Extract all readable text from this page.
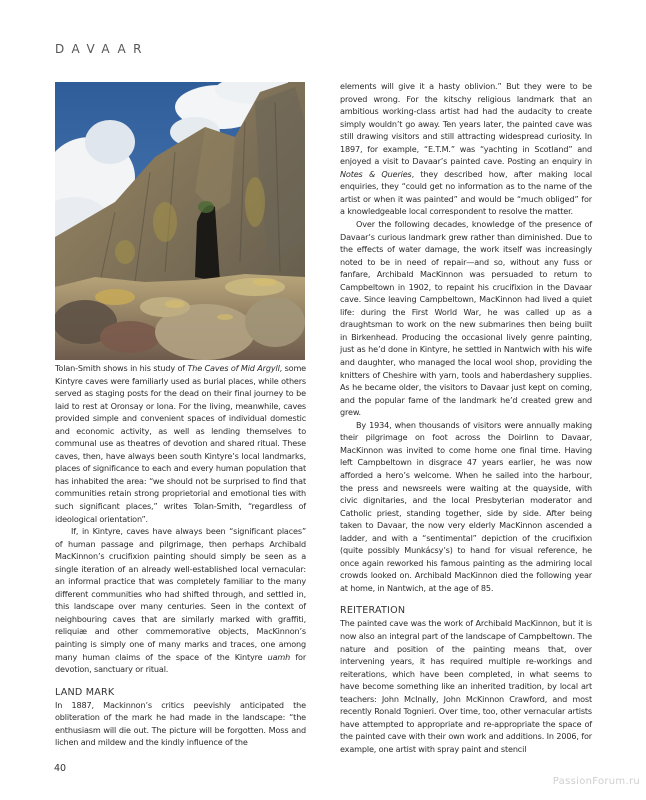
DAVAAR

Tolan-Smith shows in his study of The Caves of Mid Argyll, some Kintyre caves were familiarly used as burial places, while others served as staging posts for the dead on their final journey to be laid to rest at Oronsay or Iona. For the living, meanwhile, caves provided simple and convenient spaces of individual domestic and economic activity, as well as lending themselves to communal use as theatres of devotion and shared ritual. These caves, then, have always been south Kintyre’s local landmarks, places of significance to each and every human population that has inhabited the area: “we should not be surprised to find that communities retain strong proprietorial and emotional ties with such significant places,” writes Tolan-Smith, “regardless of ideological orientation”.

If, in Kintyre, caves have always been “significant places” of human passage and pilgrimage, then perhaps Archibald MacKinnon’s crucifixion painting should simply be seen as a single iteration of an already well-established local vernacular: an informal practice that was completely familiar to the many different communities who had shifted through, and settled in, this landscape over many centuries. Seen in the context of neighbouring caves that are similarly marked with graffiti, reliquiæ and other commemorative objects, MacKinnon’s painting is simply one of many marks and traces, one among many human claims of the space of the Kintyre uamh for devotion, sanctuary or ritual.

LAND MARK

In 1887, Mackinnon’s critics peevishly anticipated the obliteration of the mark he had made in the landscape: “the enthusiasm will die out. The picture will be forgotten. Moss and lichen and mildew and the kindly influence of the

elements will give it a hasty oblivion.” But they were to be proved wrong. For the kitschy religious landmark that an ambitious working-class artist had had the audacity to create simply wouldn’t go away. Ten years later, the painted cave was still drawing visitors and still attracting widespread curiosity. In 1897, for example, “E.T.M.” was “yachting in Scotland” and enjoyed a visit to Davaar’s painted cave. Posting an enquiry in Notes & Queries, they described how, after making local enquiries, they “could get no information as to the name of the artist or when it was painted” and would be “much obliged” for a knowledgeable local correspondent to resolve the matter.

Over the following decades, knowledge of the presence of Davaar’s curious landmark grew rather than diminished. Due to the effects of water damage, the work itself was increasingly noted to be in need of repair—and so, without any fuss or fanfare, Archibald MacKinnon was persuaded to return to Campbeltown in 1902, to repaint his crucifixion in the Davaar cave. Since leaving Campbeltown, MacKinnon had lived a quiet life: during the First World War, he was called up as a draughtsman to work on the new submarines then being built in Birkenhead. Producing the occasional lively genre painting, just as he’d done in Kintyre, he settled in Nantwich with his wife and daughter, who managed the local wool shop, providing the knitters of Cheshire with yarn, tools and haberdashery supplies. As he became older, the visitors to Davaar just kept on coming, and the popular fame of the landmark he’d created grew and grew.

By 1934, when thousands of visitors were annually making their pilgrimage on foot across the Doirlinn to Davaar, MacKinnon was invited to come home one final time. Having left Campbeltown in disgrace 47 years earlier, he was now afforded a hero’s welcome. When he sailed into the harbour, the press and newsreels were waiting at the quayside, with civic dignitaries, and the local Presbyterian moderator and Catholic priest, standing together, side by side. After being taken to Davaar, the now very elderly MacKinnon ascended a ladder, and with a “sentimental” depiction of the crucifixion (quite possibly Munkácsy’s) to hand for visual reference, he once again reworked his famous painting as the admiring local crowds looked on. Archibald MacKinnon died the following year at home, in Nantwich, at the age of 85.

REITERATION

The painted cave was the work of Archibald MacKinnon, but it is now also an integral part of the landscape of Campbeltown. The nature and position of the painting means that, over intervening years, it has required multiple re-workings and reiterations, which have been completed, in what seems to have become something like an inherited tradition, by local art teachers: John McInally, John McKinnon Crawford, and most recently Ronald Tognieri. Over time, too, other vernacular artists have attempted to appropriate and re-appropriate the space of the painted cave with their own work and additions. In 2006, for example, one artist with spray paint and stencil

40
PassionForum.ru
